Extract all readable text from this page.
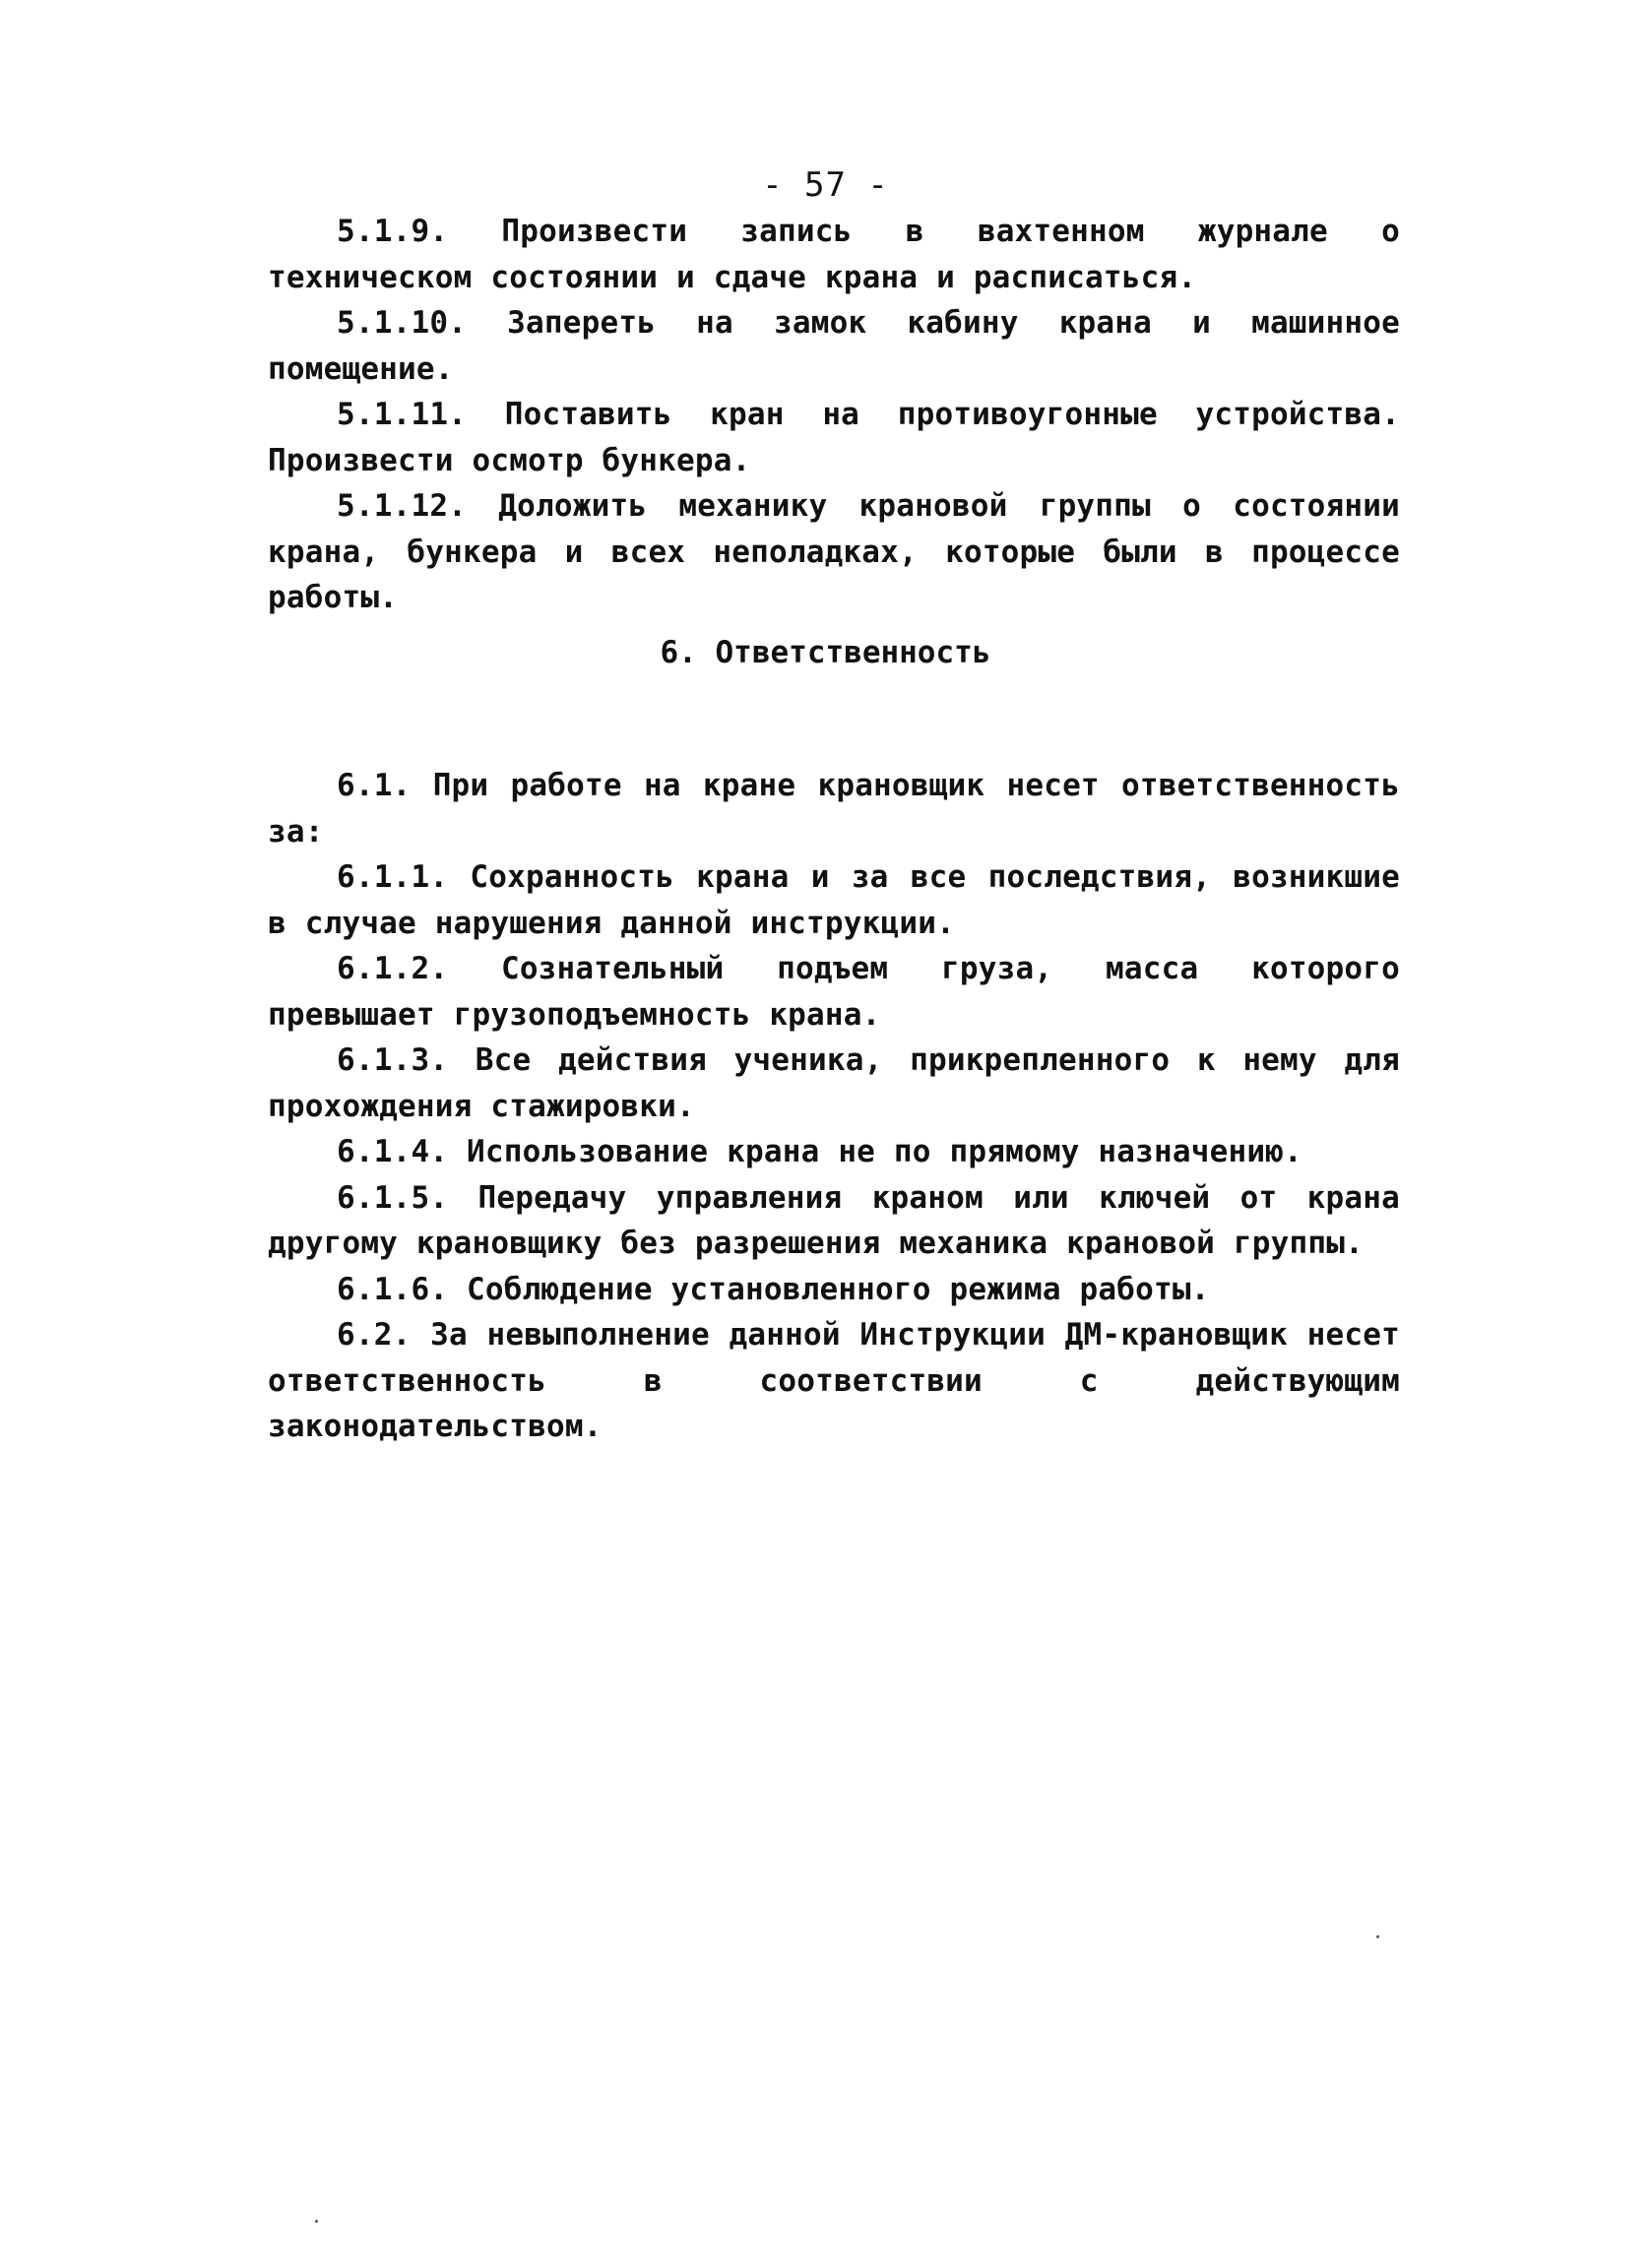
- 57 -

5.1.9. Произвести запись в вахтенном журнале о техническом состоянии и сдаче крана и расписаться.

5.1.10. Запереть на замок кабину крана и машинное помещение.

5.1.11. Поставить кран на противоугонные устройства. Произвести осмотр бункера.

5.1.12. Доложить механику крановой группы о состоянии крана, бункера и всех неполадках, которые были в процессе работы.

6. Ответственность

6.1. При работе на кране крановщик несет ответственность за:

6.1.1. Сохранность крана и за все последствия, возникшие в случае нарушения данной инструкции.

6.1.2. Сознательный подъем груза, масса которого превышает грузоподъемность крана.

6.1.3. Все действия ученика, прикрепленного к нему для прохождения стажировки.

6.1.4. Использование крана не по прямому назначению.

6.1.5. Передачу управления краном или ключей от крана другому крановщику без разрешения механика крановой группы.

6.1.6. Соблюдение установленного режима работы.

6.2. За невыполнение данной Инструкции ДМ-крановщик несет ответственность в соответствии с действующим законодательством.
